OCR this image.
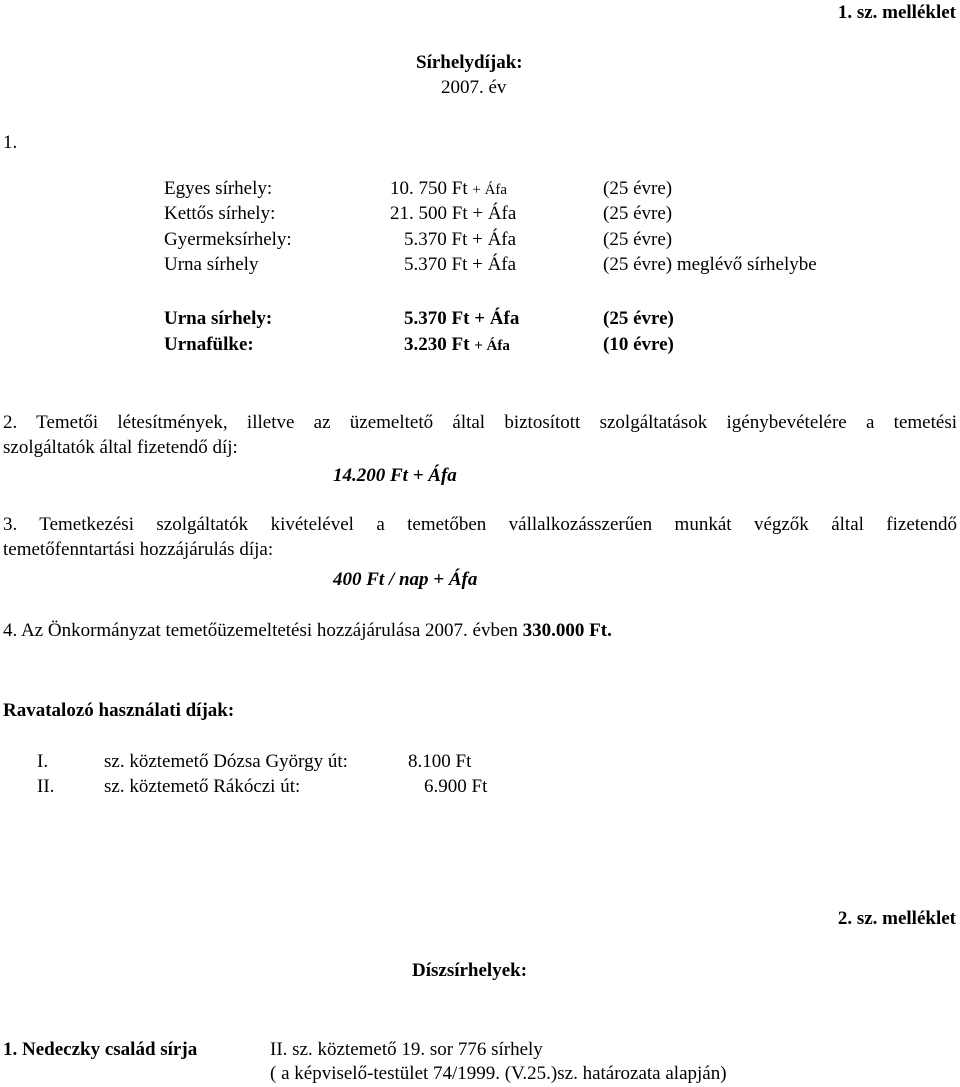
1. sz. melléklet
Sírhelydíjak:
2007. év
1.
Egyes sírhely:	10. 750 Ft + Áfa	(25 évre)
Kettős sírhely:	21. 500 Ft + Áfa	(25 évre)
Gyermeksírhely:	5.370 Ft + Áfa	(25 évre)
Urna sírhely	5.370 Ft + Áfa	(25 évre) meglévő sírhelybe
Urna sírhely:	5.370 Ft + Áfa	(25 évre)
Urnafülke:	3.230 Ft + Áfa	(10 évre)
2. Temetői létesítmények, illetve az üzemeltető által biztosított szolgáltatások igénybevételére a temetési
szolgáltatók által fizetendő díj:
14.200 Ft + Áfa
3. Temetkezési szolgáltatók kivételével a temetőben vállalkozásszerűen munkát végzők által fizetendő
temetőfenntartási hozzájárulás díja:
400 Ft / nap + Áfa
4. Az Önkormányzat temetőüzemeltetési hozzájárulása 2007. évben 330.000 Ft.
Ravatalozó használati díjak:
I.	sz. köztemető Dózsa György út:	8.100 Ft
II.	sz. köztemető Rákóczi út:	6.900 Ft
2. sz. melléklet
Díszsírhelyek:
1. Nedeczky család sírja	II. sz. köztemető 19. sor 776 sírhely
( a képviselő-testület 74/1999. (V.25.)sz. határozata alapján)
